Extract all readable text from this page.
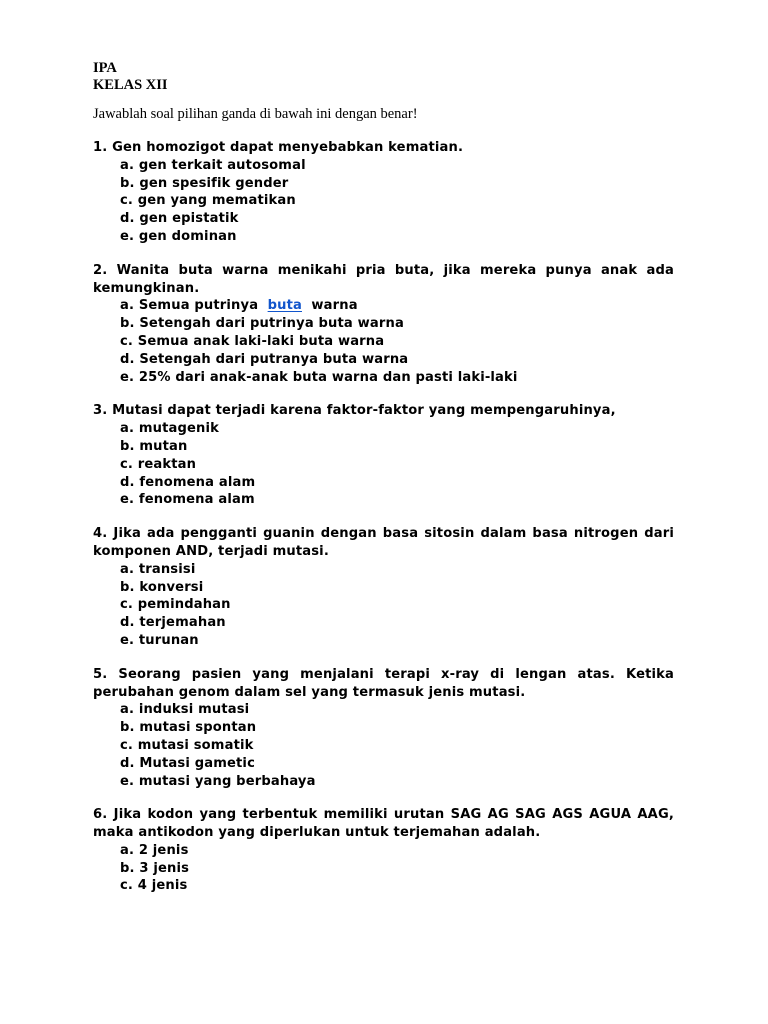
IPA

KELAS XII

Jawablah soal pilihan ganda di bawah ini dengan benar!

1. Gen homozigot dapat menyebabkan kematian.
a. gen terkait autosomal
b. gen spesifik gender
c. gen yang mematikan
d. gen epistatik
e. gen dominan
2. Wanita buta warna menikahi pria buta, jika mereka punya anak ada kemungkinan.
a. Semua putrinya buta warna
b. Setengah dari putrinya buta warna
c. Semua anak laki-laki buta warna
d. Setengah dari putranya buta warna
e. 25% dari anak-anak buta warna dan pasti laki-laki
3. Mutasi dapat terjadi karena faktor-faktor yang mempengaruhinya,
a. mutagenik
b. mutan
c. reaktan
d. fenomena alam
e. fenomena alam
4. Jika ada pengganti guanin dengan basa sitosin dalam basa nitrogen dari komponen AND, terjadi mutasi.
a. transisi
b. konversi
c. pemindahan
d. terjemahan
e. turunan
5. Seorang pasien yang menjalani terapi x-ray di lengan atas. Ketika perubahan genom dalam sel yang termasuk jenis mutasi.
a. induksi mutasi
b. mutasi spontan
c. mutasi somatik
d. Mutasi gametic
e. mutasi yang berbahaya
6. Jika kodon yang terbentuk memiliki urutan SAG AG SAG AGS AGUA AAG, maka antikodon yang diperlukan untuk terjemahan adalah.
a. 2 jenis
b. 3 jenis
c. 4 jenis
